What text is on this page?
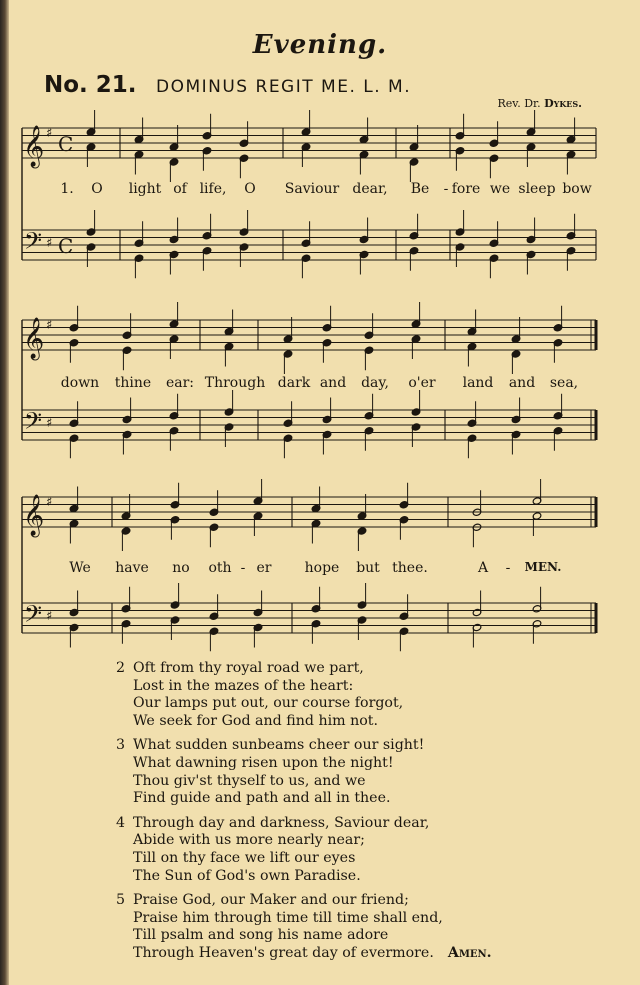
Evening.
No. 21. DOMINUS REGIT ME. L. M.
Rev. Dr. Dykes.
𝄞
𝄢
♯
♯
C
C
𝄞
𝄢
♯
♯
𝄞
𝄢
♯
♯
1. O light of life, O Saviour dear, Be - fore we sleep bow
down thine ear: Through dark and day, o'er land and sea,
We have no oth - er hope but thee.	A - MEN.
2 Oft from thy royal road we part,
Lost in the mazes of the heart:
Our lamps put out, our course forgot,
We seek for God and find him not.
3 What sudden sunbeams cheer our sight!
What dawning risen upon the night!
Thou giv'st thyself to us, and we
Find guide and path and all in thee.
4 Through day and darkness, Saviour dear,
Abide with us more nearly near;
Till on thy face we lift our eyes
The Sun of God's own Paradise.
5 Praise God, our Maker and our friend;
Praise him through time till time shall end,
Till psalm and song his name adore
Through Heaven's great day of evermore. Amen.
